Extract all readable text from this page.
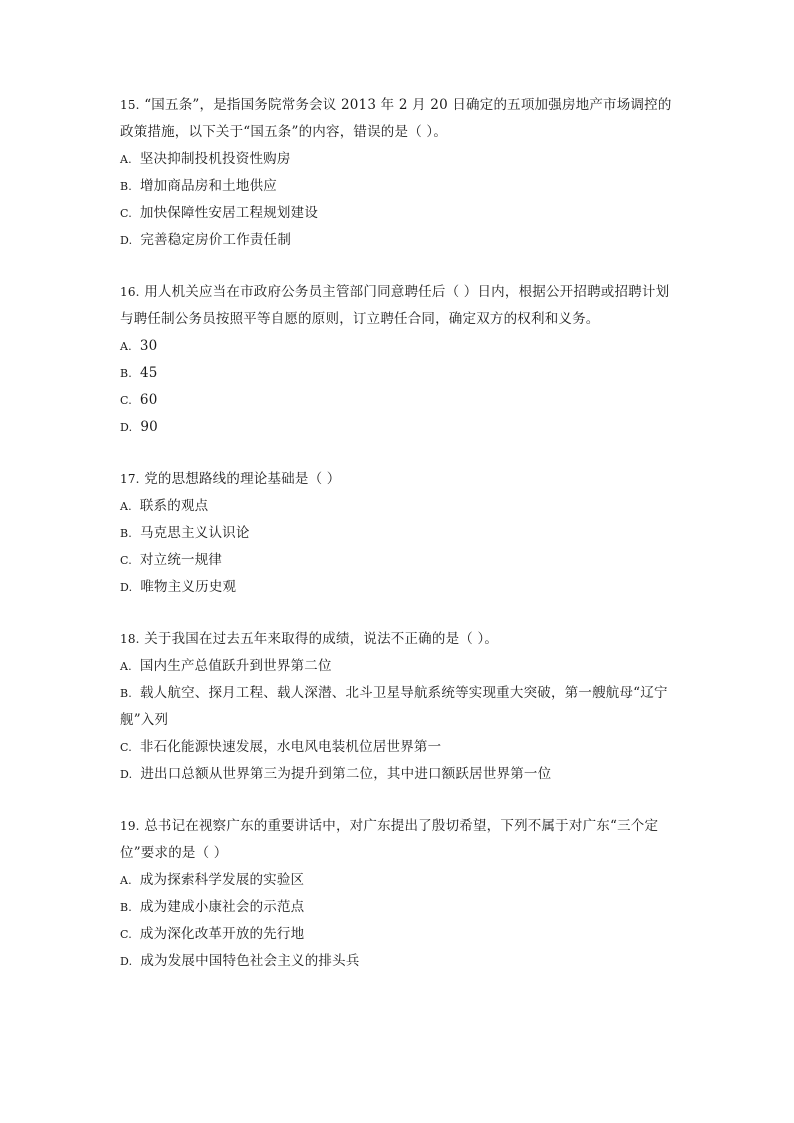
15. “国五条”，是指国务院常务会议 2013 年 2 月 20 日确定的五项加强房地产市场调控的政策措施，以下关于“国五条”的内容，错误的是（ ）。

A. 坚决抑制投机投资性购房

B. 增加商品房和土地供应

C. 加快保障性安居工程规划建设

D. 完善稳定房价工作责任制

16. 用人机关应当在市政府公务员主管部门同意聘任后（ ）日内，根据公开招聘或招聘计划与聘任制公务员按照平等自愿的原则，订立聘任合同，确定双方的权利和义务。

A. 30

B. 45

C. 60

D. 90

17. 党的思想路线的理论基础是（ ）

A. 联系的观点

B. 马克思主义认识论

C. 对立统一规律

D. 唯物主义历史观

18. 关于我国在过去五年来取得的成绩，说法不正确的是（ ）。

A. 国内生产总值跃升到世界第二位

B. 载人航空、探月工程、载人深潜、北斗卫星导航系统等实现重大突破，第一艘航母“辽宁舰”入列

C. 非石化能源快速发展，水电风电装机位居世界第一

D. 进出口总额从世界第三为提升到第二位，其中进口额跃居世界第一位

19. 总书记在视察广东的重要讲话中，对广东提出了殷切希望，下列不属于对广东“三个定位”要求的是（ ）

A. 成为探索科学发展的实验区

B. 成为建成小康社会的示范点

C. 成为深化改革开放的先行地

D. 成为发展中国特色社会主义的排头兵
